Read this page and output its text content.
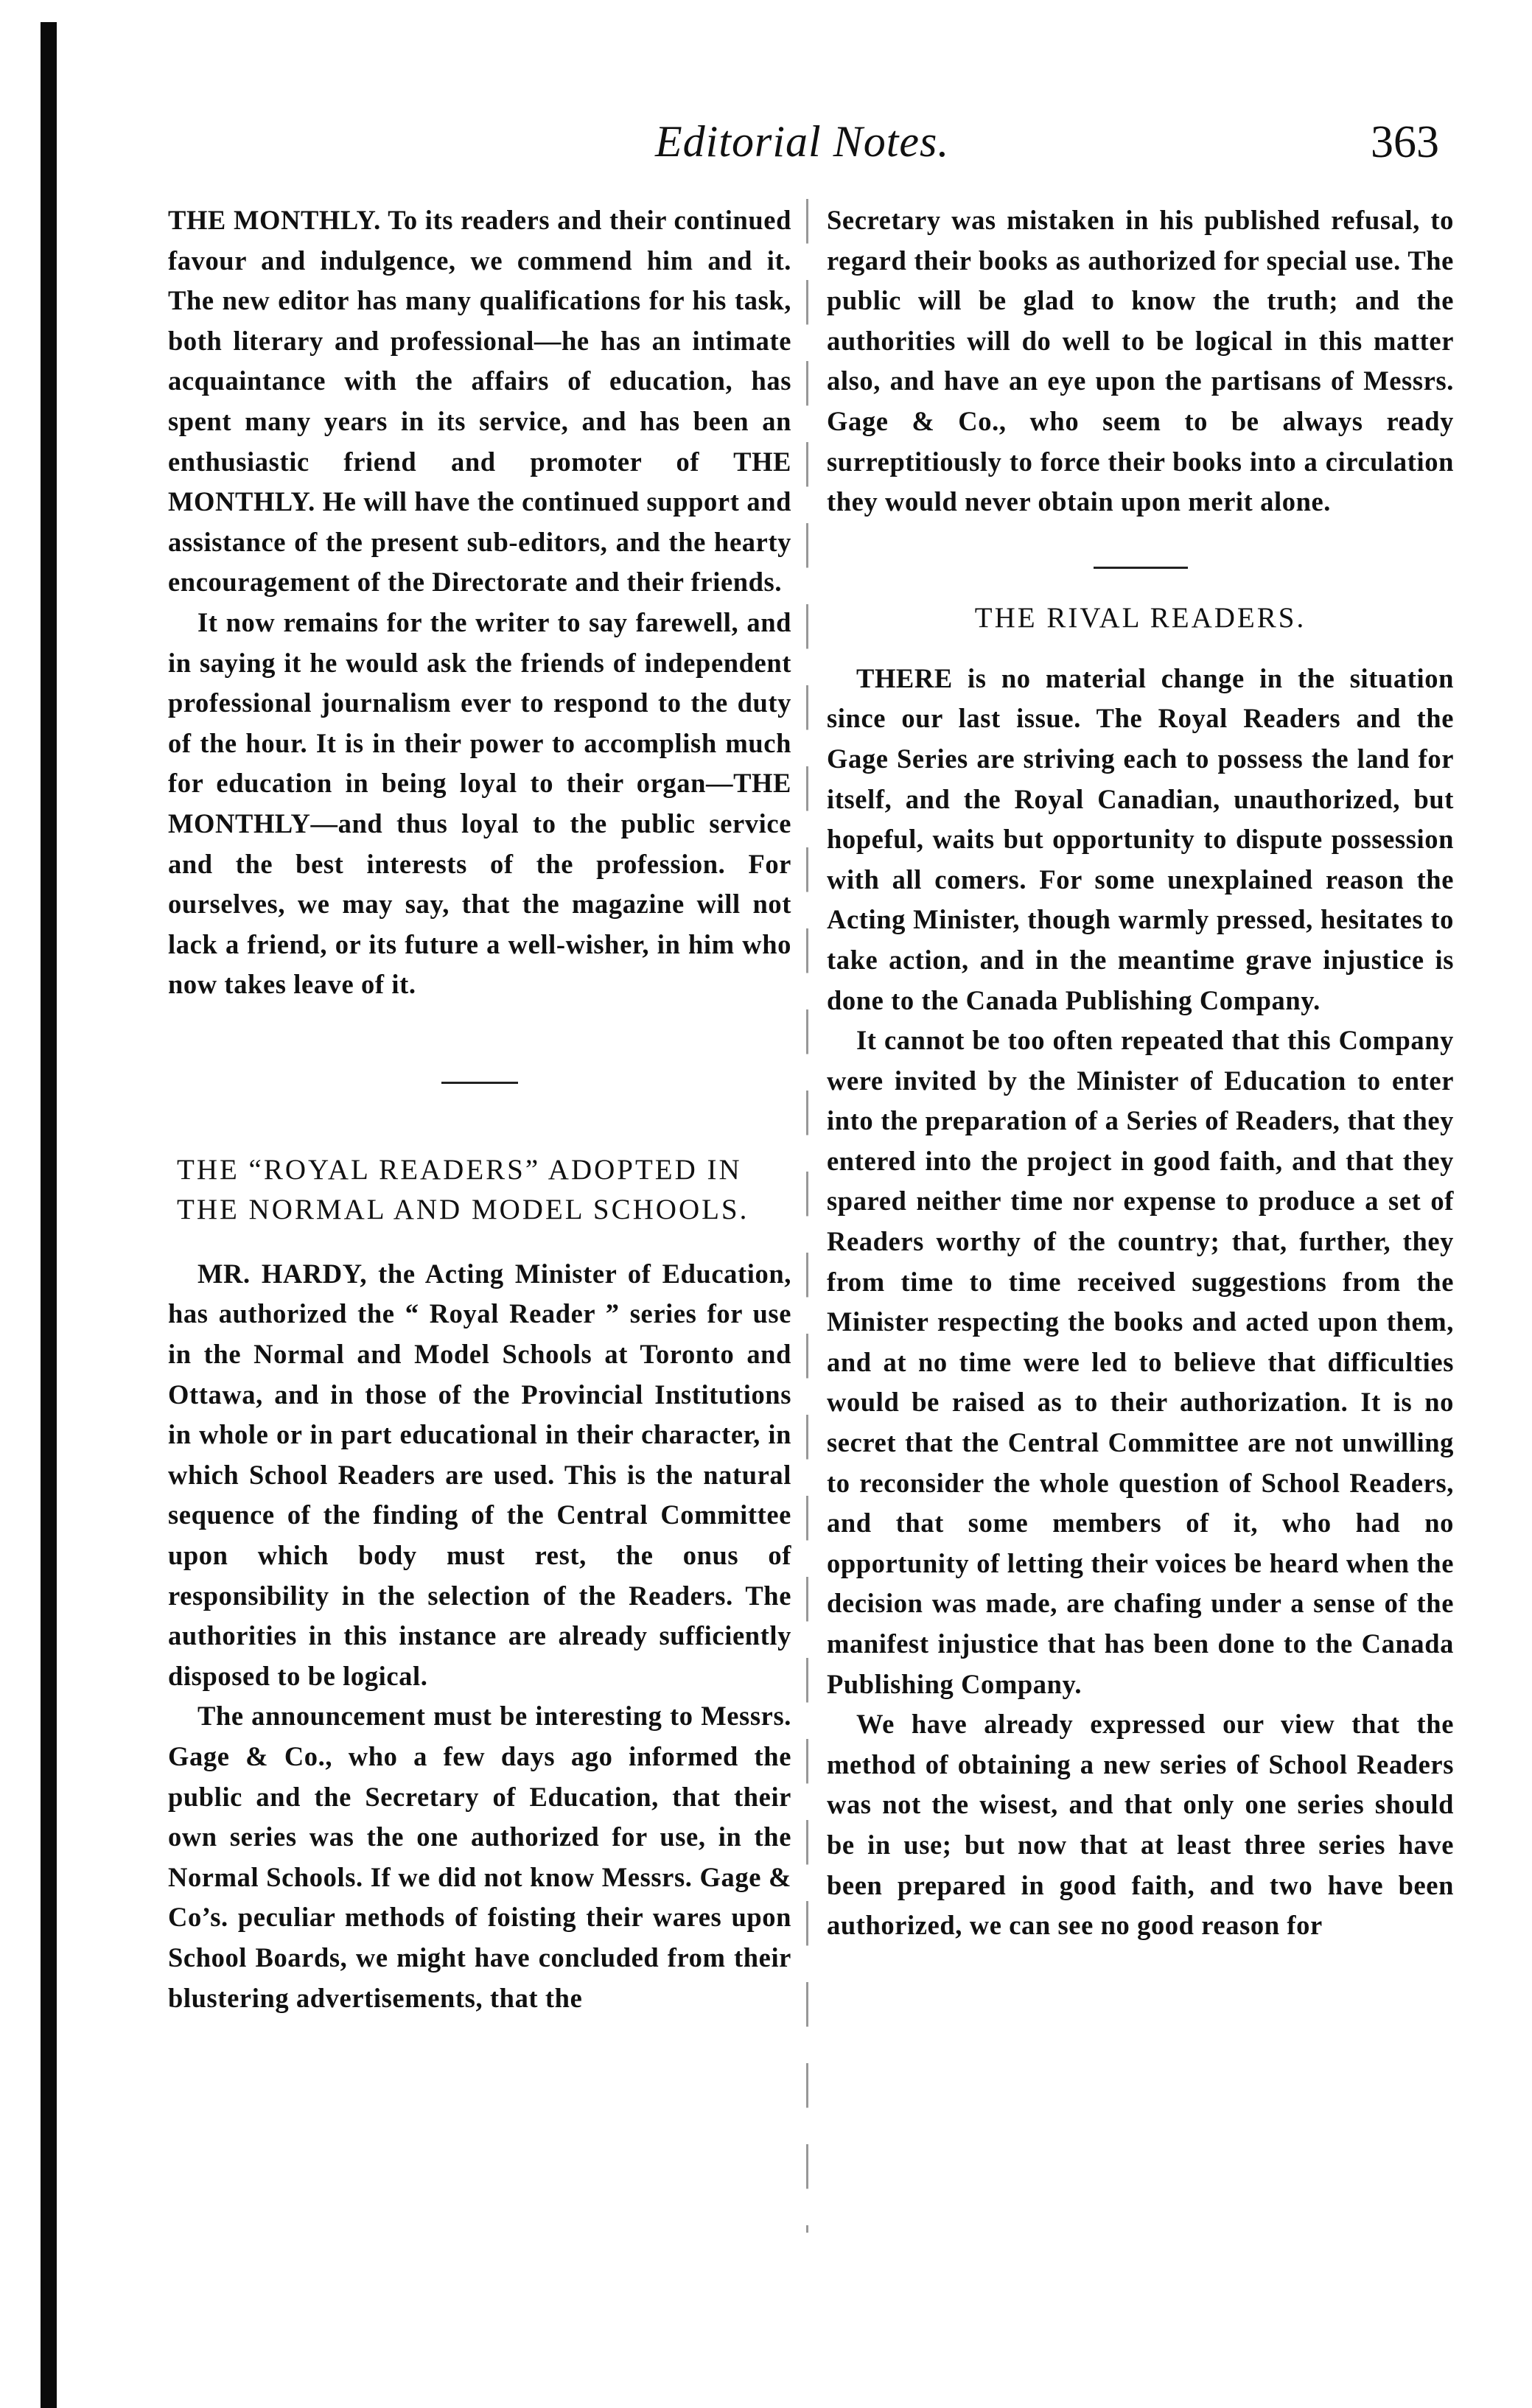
Editorial Notes.	363

THE MONTHLY. To its readers and their continued favour and indulgence, we commend him and it. The new editor has many qualifications for his task, both literary and professional—he has an intimate acquaintance with the affairs of education, has spent many years in its service, and has been an enthusiastic friend and promoter of THE MONTHLY. He will have the continued support and assistance of the present sub-editors, and the hearty encouragement of the Directorate and their friends.

It now remains for the writer to say farewell, and in saying it he would ask the friends of independent professional journalism ever to respond to the duty of the hour. It is in their power to accomplish much for education in being loyal to their organ—THE MONTHLY—and thus loyal to the public service and the best interests of the profession. For ourselves, we may say, that the magazine will not lack a friend, or its future a well-wisher, in him who now takes leave of it.

THE “ROYAL READERS” ADOPTED IN THE NORMAL AND MODEL SCHOOLS.

MR. HARDY, the Acting Minister of Education, has authorized the “ Royal Reader ” series for use in the Normal and Model Schools at Toronto and Ottawa, and in those of the Provincial Institutions in whole or in part educational in their character, in which School Readers are used. This is the natural sequence of the finding of the Central Committee upon which body must rest, the onus of responsibility in the selection of the Readers. The authorities in this instance are already sufficiently disposed to be logical.

The announcement must be interesting to Messrs. Gage & Co., who a few days ago informed the public and the Secretary of Education, that their own series was the one authorized for use, in the Normal Schools. If we did not know Messrs. Gage & Co’s. peculiar methods of foisting their wares upon School Boards, we might have concluded from their blustering advertisements, that the

Secretary was mistaken in his published refusal, to regard their books as authorized for special use. The public will be glad to know the truth; and the authorities will do well to be logical in this matter also, and have an eye upon the partisans of Messrs. Gage & Co., who seem to be always ready surreptitiously to force their books into a circulation they would never obtain upon merit alone.

THE RIVAL READERS.

THERE is no material change in the situation since our last issue. The Royal Readers and the Gage Series are striving each to possess the land for itself, and the Royal Canadian, unauthorized, but hopeful, waits but opportunity to dispute possession with all comers. For some unexplained reason the Acting Minister, though warmly pressed, hesitates to take action, and in the meantime grave injustice is done to the Canada Publishing Company.

It cannot be too often repeated that this Company were invited by the Minister of Education to enter into the preparation of a Series of Readers, that they entered into the project in good faith, and that they spared neither time nor expense to produce a set of Readers worthy of the country; that, further, they from time to time received suggestions from the Minister respecting the books and acted upon them, and at no time were led to believe that difficulties would be raised as to their authorization. It is no secret that the Central Committee are not unwilling to reconsider the whole question of School Readers, and that some members of it, who had no opportunity of letting their voices be heard when the decision was made, are chafing under a sense of the manifest injustice that has been done to the Canada Publishing Company.

We have already expressed our view that the method of obtaining a new series of School Readers was not the wisest, and that only one series should be in use; but now that at least three series have been prepared in good faith, and two have been authorized, we can see no good reason for
